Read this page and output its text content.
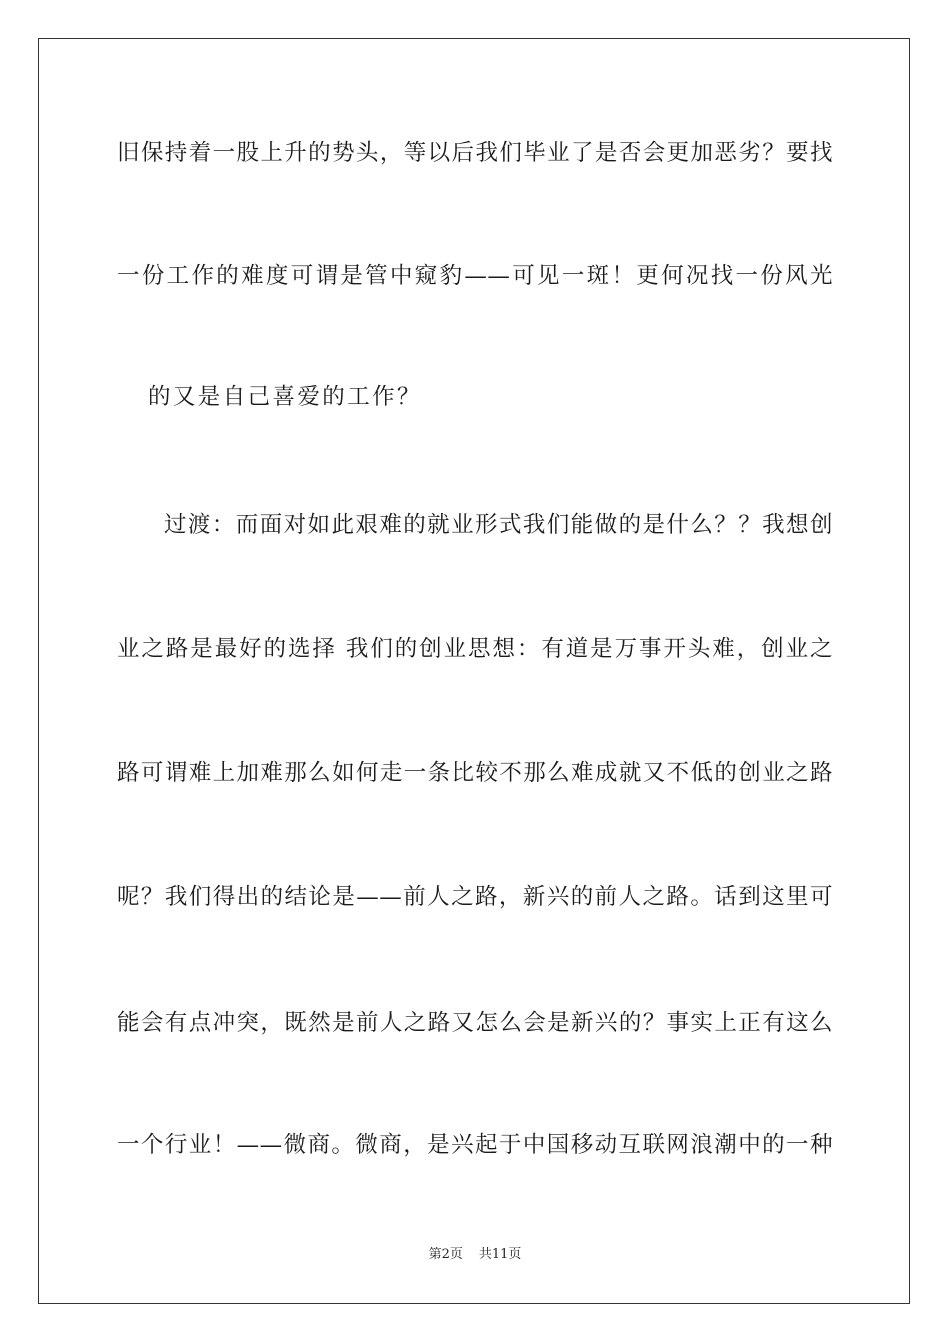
旧保持着一股上升的势头，等以后我们毕业了是否会更加恶劣？要找
一份工作的难度可谓是管中窥豹——可见一斑！更何况找一份风光
的又是自己喜爱的工作？
过渡：而面对如此艰难的就业形式我们能做的是什么？？我想创
业之路是最好的选择 我们的创业思想：有道是万事开头难，创业之
路可谓难上加难那么如何走一条比较不那么难成就又不低的创业之路
呢？我们得出的结论是——前人之路，新兴的前人之路。话到这里可
能会有点冲突，既然是前人之路又怎么会是新兴的？事实上正有这么
一个行业！——微商。微商，是兴起于中国移动互联网浪潮中的一种
第2页 共11页
